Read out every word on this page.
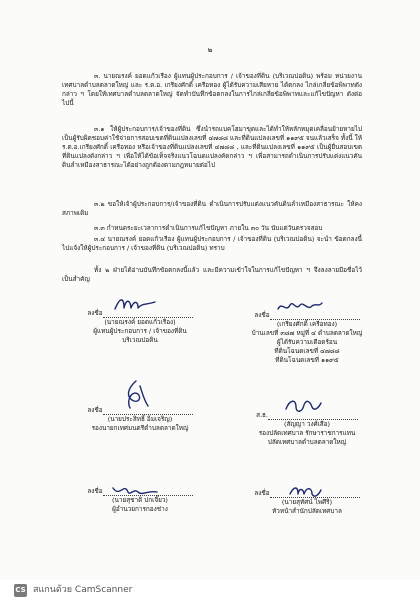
๒
๓. นายณรงค์ ยอดแก้วเรือง ผู้แทนผู้ประกอบการ / เจ้าของที่ดิน (บริเวณปอดิน) พร้อม หน่วยงานเทศบาลตำบลตลาดใหญ่ และ ร.ต.อ. เกรียงศักดิ์ เครือทอง ผู้ได้รับความเสียหาย ได้ตกลง ไกล่เกลี่ยข้อพิพาทดังกล่าว ฯ โดยให้เทศบาลตำบลตลาดใหญ่ จัดทำบันทึกข้อตกลงในการไกล่เกลี่ยข้อพิพาทและแก้ไขปัญหา ดังต่อไปนี้
๓.๑ ให้ผู้ประกอบการ/เจ้าของที่ดิน ซึ่งนำรถแบคโฮมาขุดและได้ทำให้หลักหมุดเคลื่อนย้ายหายไป เป็นผู้รับผิดชอบค่าใช้จ่ายการสอบเขตที่ดินแปลงเลขที่ ๔๗๘๘ และที่ดินแปลงเลขที่ ๑๑๙๕ จนแล้วเสร็จ ทั้งนี้ ให้ ร.ต.อ.เกรียงศักดิ์ เครือทอง หรือเจ้าของที่ดินแปลงเลขที่ ๔๗๘๘ , และที่ดินแปลงเลขที่ ๑๑๙๕ เป็นผู้ยื่นสอบเขตที่ดินแปลงดังกล่าว ฯ เพื่อให้ได้ข้อเท็จจริงแนวโฉนดแปลงคัดกล่าว ฯ เพื่อสามารถดำเนินการปรับแต่งแนวคันดินลำเหมืองสาธารณะได้อย่างถูกต้องตามกฎหมายต่อไป
๓.๒ ขอให้เจ้าผู้ประกอบการ/เจ้าของที่ดิน ดำเนินการปรับแต่งแนวคันดินลำเหมืองสาธารณะ ให้คงสภาพเดิม
๓.๓ กำหนดระยะเวลาการดำเนินการแก้ไขปัญหา ภายใน ๓๐ วัน นับแต่วันตรวจสอบ
๓.๔ นายณรงค์ ยอดแก้วเรือง ผู้แทนผู้ประกอบการ / เจ้าของที่ดิน (บริเวณปอดิน) จะนำ ข้อตกลงนี้ไปแจ้งให้ผู้ประกอบการ / เจ้าของที่ดิน (บริเวณปอดิน) ทราบ
ทั้ง ๒ ฝ่ายได้อ่านบันทึกข้อตกลงนี้แล้ว และมีความเข้าใจในการแก้ไขปัญหา ฯ จึงลงลายมือชื่อไว้ เป็นสำคัญ
ลงชื่อ
(นายณรงค์ ยอดแก้วเรือง)
ผู้แทนผู้ประกอบการ / เจ้าของที่ดิน
บริเวณปอดิน
ลงชื่อ
(เกรียงศักดิ์ เครือทอง)
บ้านเลขที่ ๓๘๗ หมู่ที่ ๔ ตำบลตลาดใหญ่
ผู้ได้รับความเดือดร้อน
ที่ดินโฉนดเลขที่ ๔๗๘๘
ที่ดินโฉนดเลขที่ ๑๑๙๕
ลงชื่อ
(นายประสิทธิ์ อิ่มเจริญ)
รองนายกเทศมนตรีตำบลตลาดใหญ่
ส.ธ.
(สัญญา วงศ์เสือ)
รองปลัดเทศบาล รักษาราชการแทน
ปลัดเทศบาลตำบลตลาดใหญ่
ลงชื่อ
(นายสุชาติ ปกเจี๊ยว)
ผู้อำนวยการกองช่าง
ลงชื่อ
(นายสุทัศน์ ไพศีริ)
หัวหน้าสำนักปลัดเทศบาล
CS สแกนด้วย CamScanner
